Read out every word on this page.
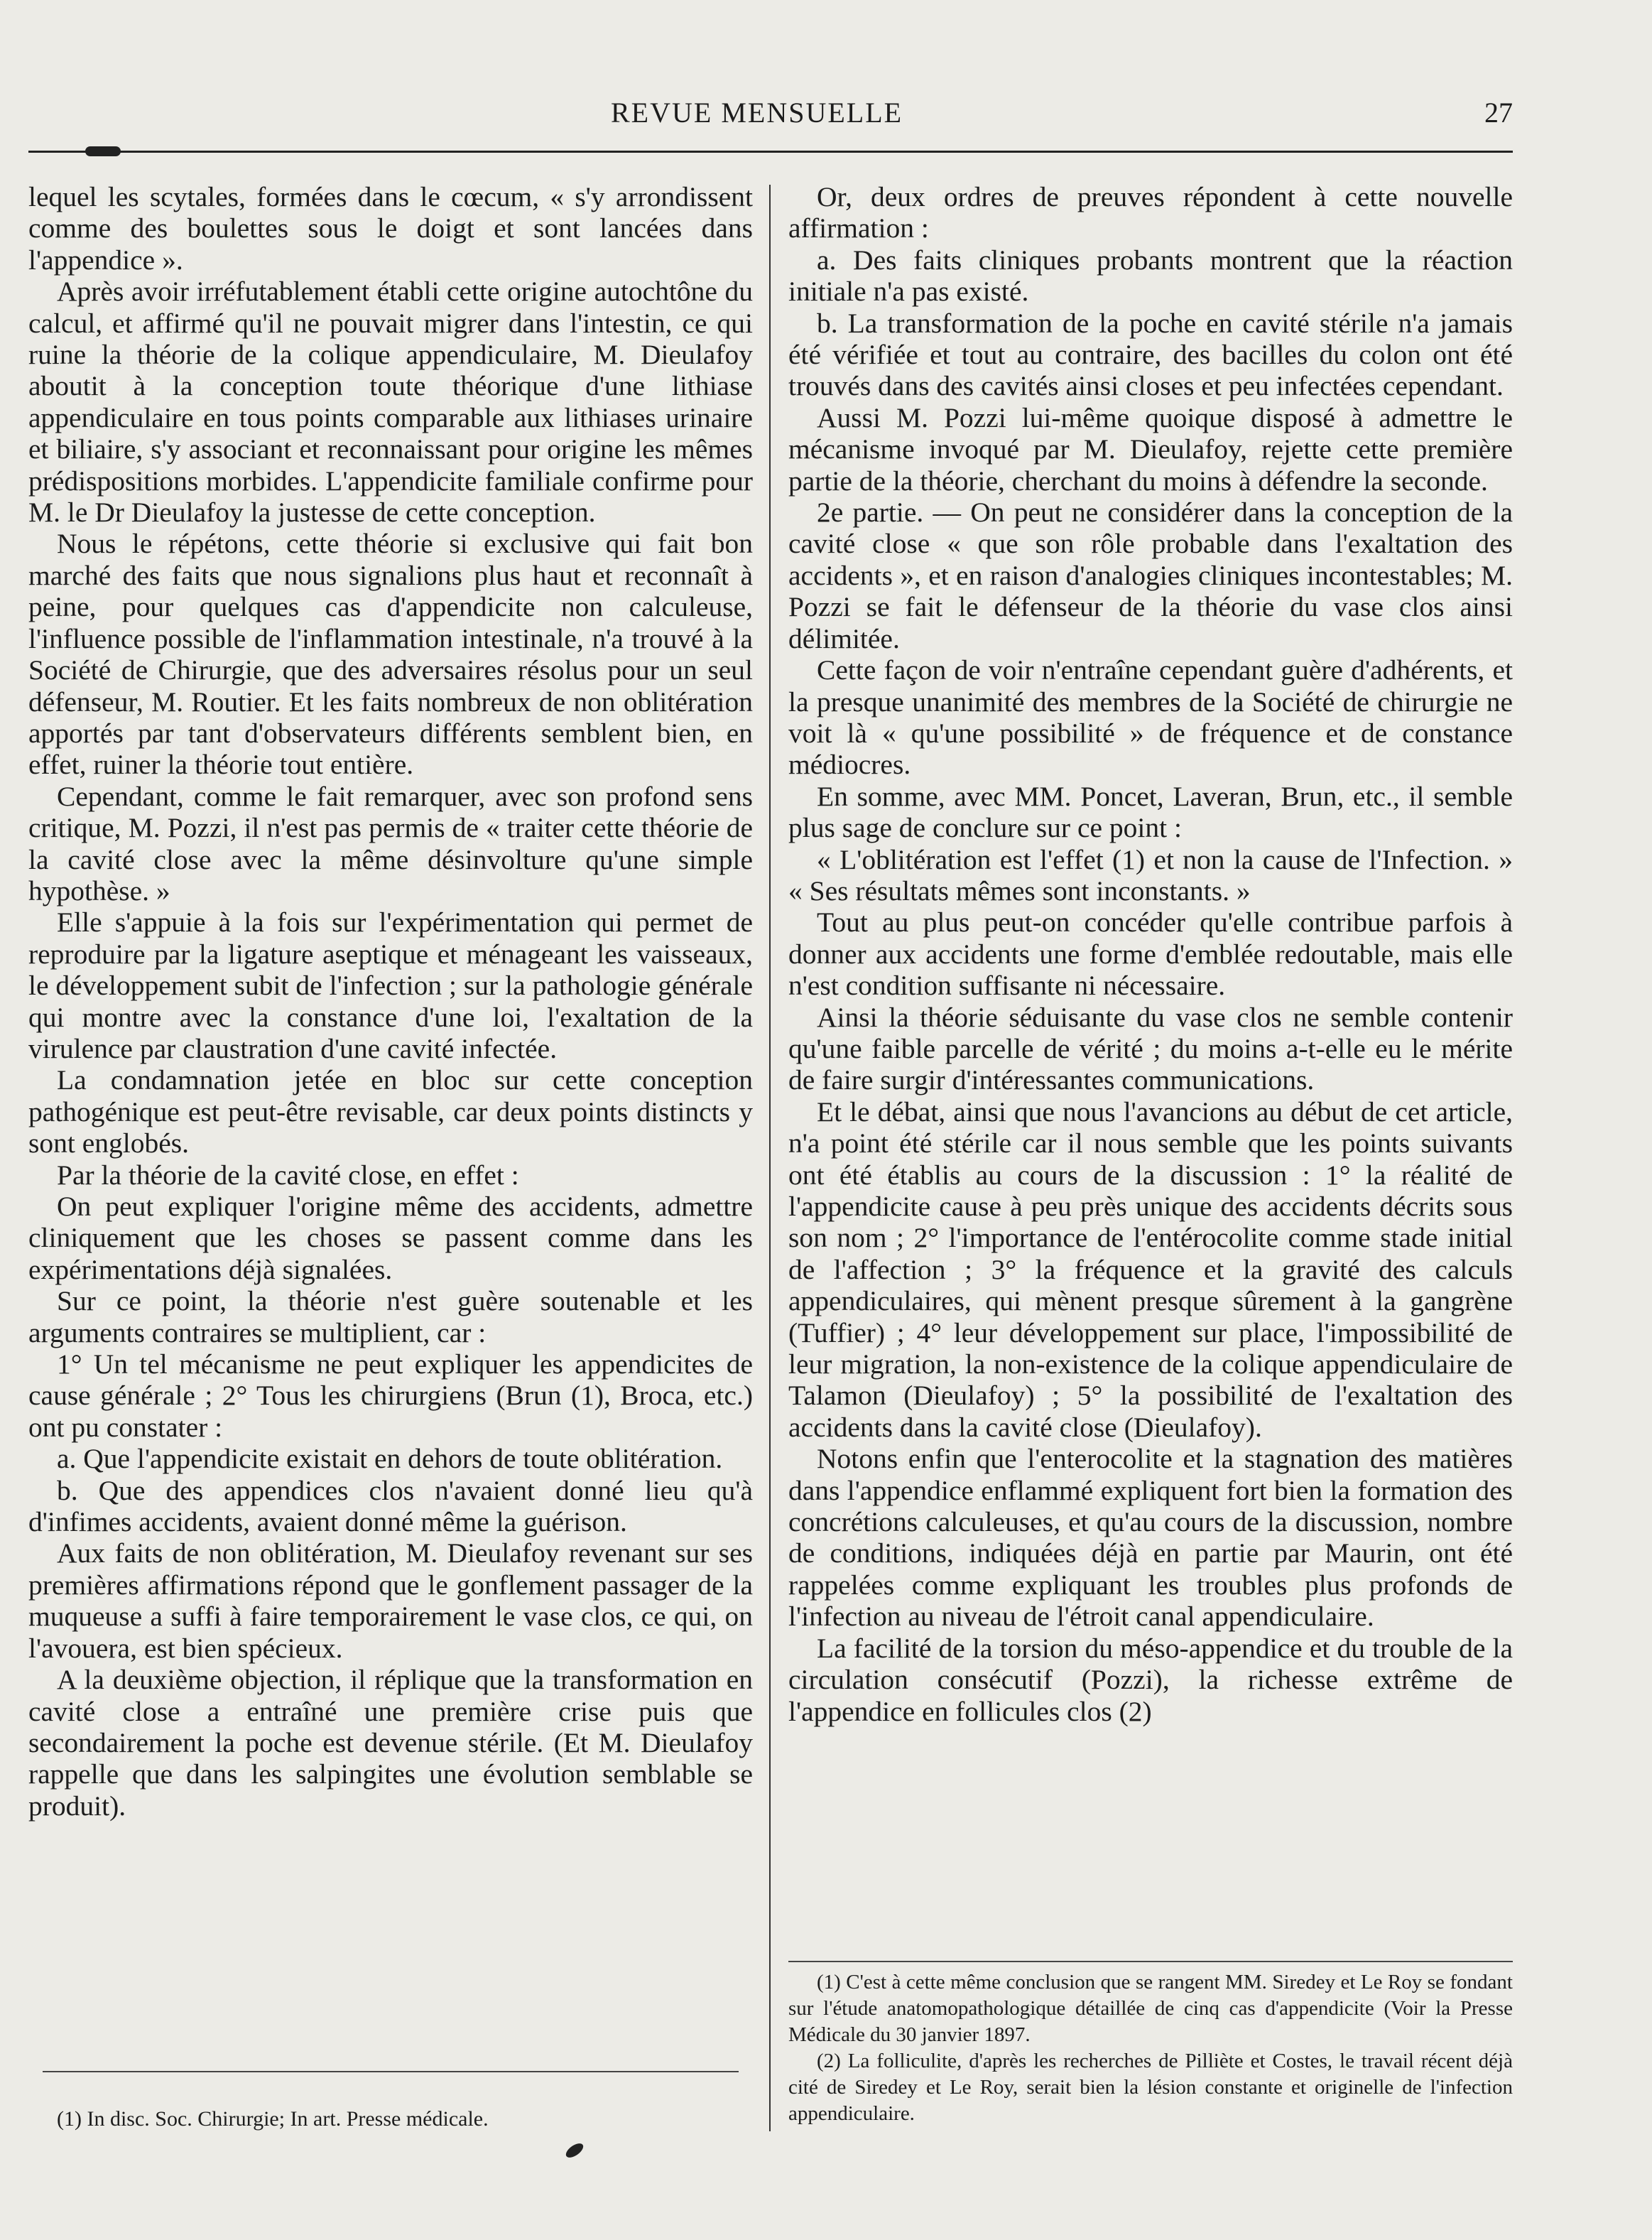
REVUE MENSUELLE	27

lequel les scytales, formées dans le cœcum, « s'y arrondissent comme des boulettes sous le doigt et sont lancées dans l'appendice ».

Après avoir irréfutablement établi cette origine autochtône du calcul, et affirmé qu'il ne pouvait migrer dans l'intestin, ce qui ruine la théorie de la colique appendiculaire, M. Dieulafoy aboutit à la conception toute théorique d'une lithiase appendiculaire en tous points comparable aux lithiases urinaire et biliaire, s'y associant et reconnaissant pour origine les mêmes prédispositions morbides. L'appendicite familiale confirme pour M. le Dr Dieulafoy la justesse de cette conception.

Nous le répétons, cette théorie si exclusive qui fait bon marché des faits que nous signalions plus haut et reconnaît à peine, pour quelques cas d'appendicite non calculeuse, l'influence possible de l'inflammation intestinale, n'a trouvé à la Société de Chirurgie, que des adversaires résolus pour un seul défenseur, M. Routier. Et les faits nombreux de non oblitération apportés par tant d'observateurs différents semblent bien, en effet, ruiner la théorie tout entière.

Cependant, comme le fait remarquer, avec son profond sens critique, M. Pozzi, il n'est pas permis de « traiter cette théorie de la cavité close avec la même désinvolture qu'une simple hypothèse. »

Elle s'appuie à la fois sur l'expérimentation qui permet de reproduire par la ligature aseptique et ménageant les vaisseaux, le développement subit de l'infection ; sur la pathologie générale qui montre avec la constance d'une loi, l'exaltation de la virulence par claustration d'une cavité infectée.

La condamnation jetée en bloc sur cette conception pathogénique est peut-être revisable, car deux points distincts y sont englobés.

Par la théorie de la cavité close, en effet :

On peut expliquer l'origine même des accidents, admettre cliniquement que les choses se passent comme dans les expérimentations déjà signalées.

Sur ce point, la théorie n'est guère soutenable et les arguments contraires se multiplient, car :

1° Un tel mécanisme ne peut expliquer les appendicites de cause générale ; 2° Tous les chirurgiens (Brun (1), Broca, etc.) ont pu constater :

a. Que l'appendicite existait en dehors de toute oblitération.

b. Que des appendices clos n'avaient donné lieu qu'à d'infimes accidents, avaient donné même la guérison.

Aux faits de non oblitération, M. Dieulafoy revenant sur ses premières affirmations répond que le gonflement passager de la muqueuse a suffi à faire temporairement le vase clos, ce qui, on l'avouera, est bien spécieux.

A la deuxième objection, il réplique que la transformation en cavité close a entraîné une première crise puis que secondairement la poche est devenue stérile. (Et M. Dieulafoy rappelle que dans les salpingites une évolution semblable se produit).

Or, deux ordres de preuves répondent à cette nouvelle affirmation :

a. Des faits cliniques probants montrent que la réaction initiale n'a pas existé.

b. La transformation de la poche en cavité stérile n'a jamais été vérifiée et tout au contraire, des bacilles du colon ont été trouvés dans des cavités ainsi closes et peu infectées cependant.

Aussi M. Pozzi lui-même quoique disposé à admettre le mécanisme invoqué par M. Dieulafoy, rejette cette première partie de la théorie, cherchant du moins à défendre la seconde.

2e partie. — On peut ne considérer dans la conception de la cavité close « que son rôle probable dans l'exaltation des accidents », et en raison d'analogies cliniques incontestables; M. Pozzi se fait le défenseur de la théorie du vase clos ainsi délimitée.

Cette façon de voir n'entraîne cependant guère d'adhérents, et la presque unanimité des membres de la Société de chirurgie ne voit là « qu'une possibilité » de fréquence et de constance médiocres.

En somme, avec MM. Poncet, Laveran, Brun, etc., il semble plus sage de conclure sur ce point :

« L'oblitération est l'effet (1) et non la cause de l'Infection. » « Ses résultats mêmes sont inconstants. »

Tout au plus peut-on concéder qu'elle contribue parfois à donner aux accidents une forme d'emblée redoutable, mais elle n'est condition suffisante ni nécessaire.

Ainsi la théorie séduisante du vase clos ne semble contenir qu'une faible parcelle de vérité ; du moins a-t-elle eu le mérite de faire surgir d'intéressantes communications.

Et le débat, ainsi que nous l'avancions au début de cet article, n'a point été stérile car il nous semble que les points suivants ont été établis au cours de la discussion : 1° la réalité de l'appendicite cause à peu près unique des accidents décrits sous son nom ; 2° l'importance de l'entérocolite comme stade initial de l'affection ; 3° la fréquence et la gravité des calculs appendiculaires, qui mènent presque sûrement à la gangrène (Tuffier) ; 4° leur développement sur place, l'impossibilité de leur migration, la non-existence de la colique appendiculaire de Talamon (Dieulafoy) ; 5° la possibilité de l'exaltation des accidents dans la cavité close (Dieulafoy).

Notons enfin que l'enterocolite et la stagnation des matières dans l'appendice enflammé expliquent fort bien la formation des concrétions calculeuses, et qu'au cours de la discussion, nombre de conditions, indiquées déjà en partie par Maurin, ont été rappelées comme expliquant les troubles plus profonds de l'infection au niveau de l'étroit canal appendiculaire.

La facilité de la torsion du méso-appendice et du trouble de la circulation consécutif (Pozzi), la richesse extrême de l'appendice en follicules clos (2)

(1) In disc. Soc. Chirurgie; In art. Presse médicale.

(1) C'est à cette même conclusion que se rangent MM. Siredey et Le Roy se fondant sur l'étude anatomopathologique détaillée de cinq cas d'appendicite (Voir la Presse Médicale du 30 janvier 1897.

(2) La folliculite, d'après les recherches de Pilliète et Costes, le travail récent déjà cité de Siredey et Le Roy, serait bien la lésion constante et originelle de l'infection appendiculaire.
